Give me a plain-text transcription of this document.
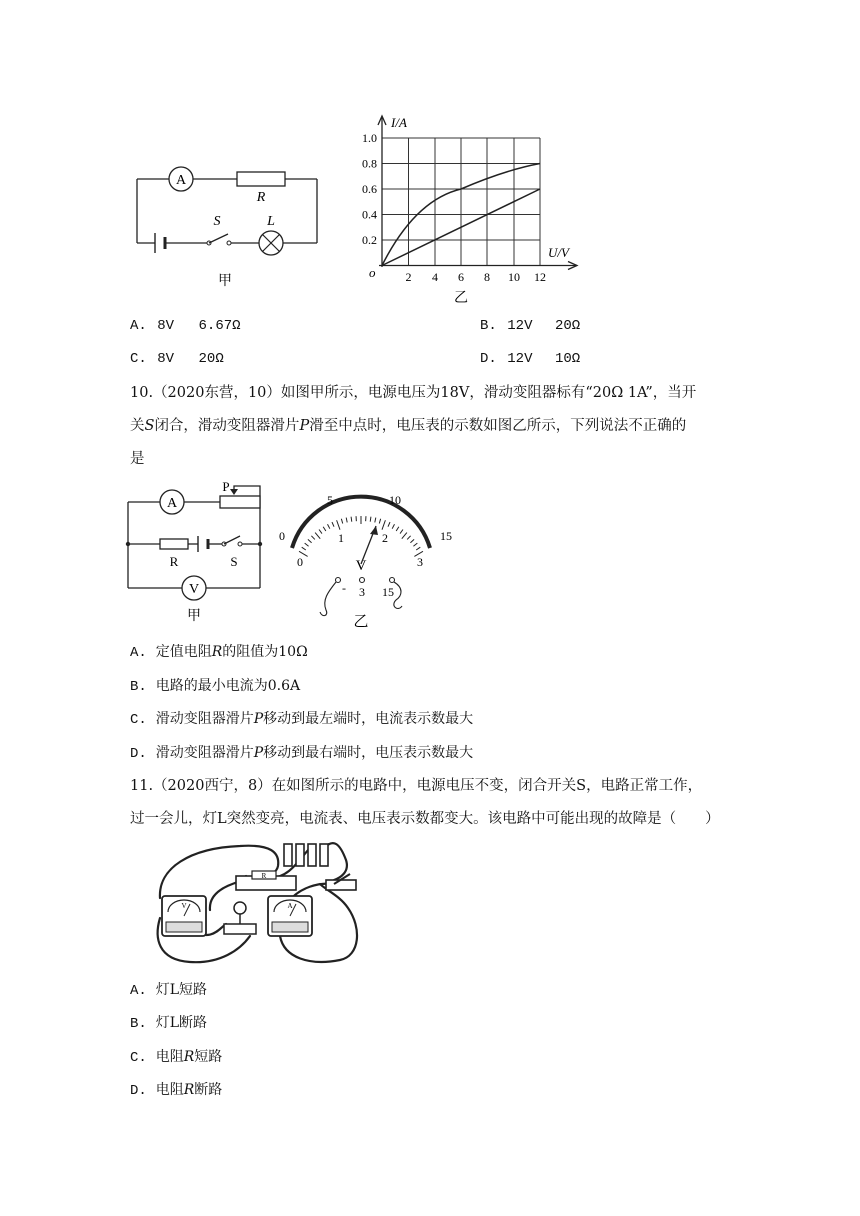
A
R
S	L
甲
I/A
U/V
o
0.2
0.4
0.6
0.8
1.0
2 4 6 8 10 12
乙
A. 8V 6.67Ω	B. 12V 20Ω
C. 8V 20Ω	D. 12V 10Ω
10.（2020东营，10）如图甲所示，电源电压为18V，滑动变阻器标有“20Ω 1A”，当开
关S闭合，滑动变阻器滑片P滑至中点时，电压表的示数如图乙所示，下列说法不正确的
是
A
P
R	S
V
甲
0
5	10
15
0
1	2
3
V
- 3 15
乙
A. 定值电阻R的阻值为10Ω
B. 电路的最小电流为0.6A
C. 滑动变阻器滑片P移动到最左端时，电流表示数最大
D. 滑动变阻器滑片P移动到最右端时，电压表示数最大
11.（2020西宁，8）在如图所示的电路中，电源电压不变，闭合开关S，电路正常工作，
过一会儿，灯L突然变亮，电流表、电压表示数都变大。该电路中可能出现的故障是（　　）
R
V	A
A. 灯L短路
B. 灯L断路
C. 电阻R短路
D. 电阻R断路
